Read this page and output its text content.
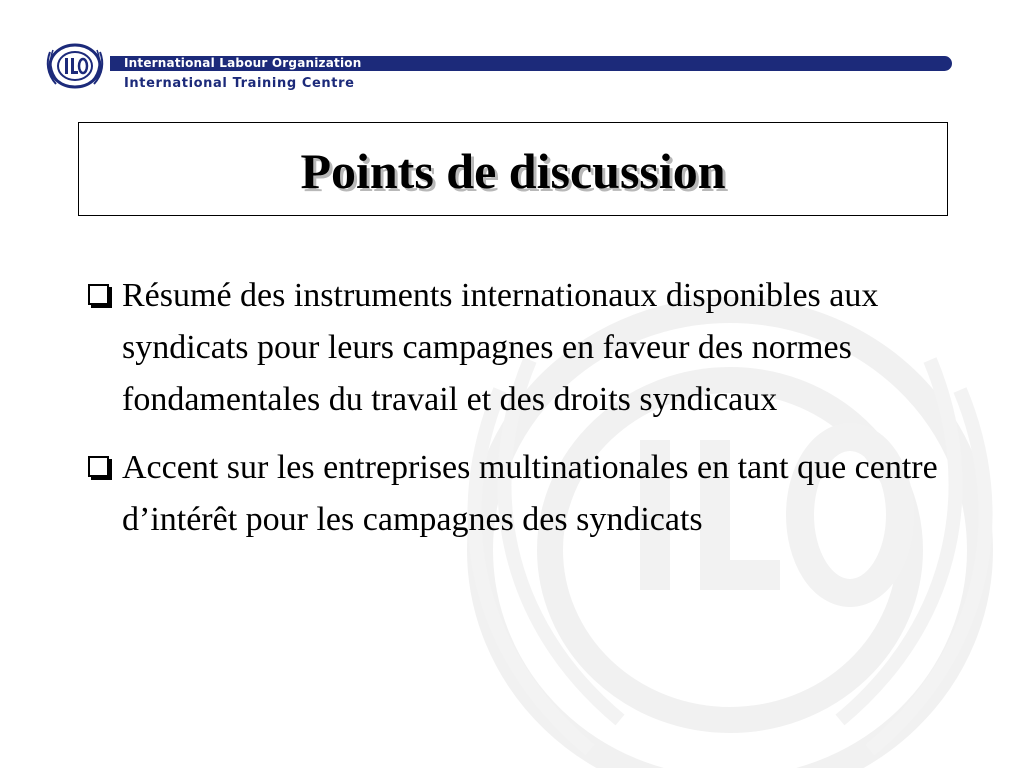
International Labour Organization
International Training Centre
Points de discussion
Résumé des instruments internationaux disponibles aux syndicats pour leurs campagnes en faveur des normes fondamentales du travail et des droits syndicaux
Accent sur les entreprises multinationales en tant que centre d’intérêt pour les campagnes des syndicats
